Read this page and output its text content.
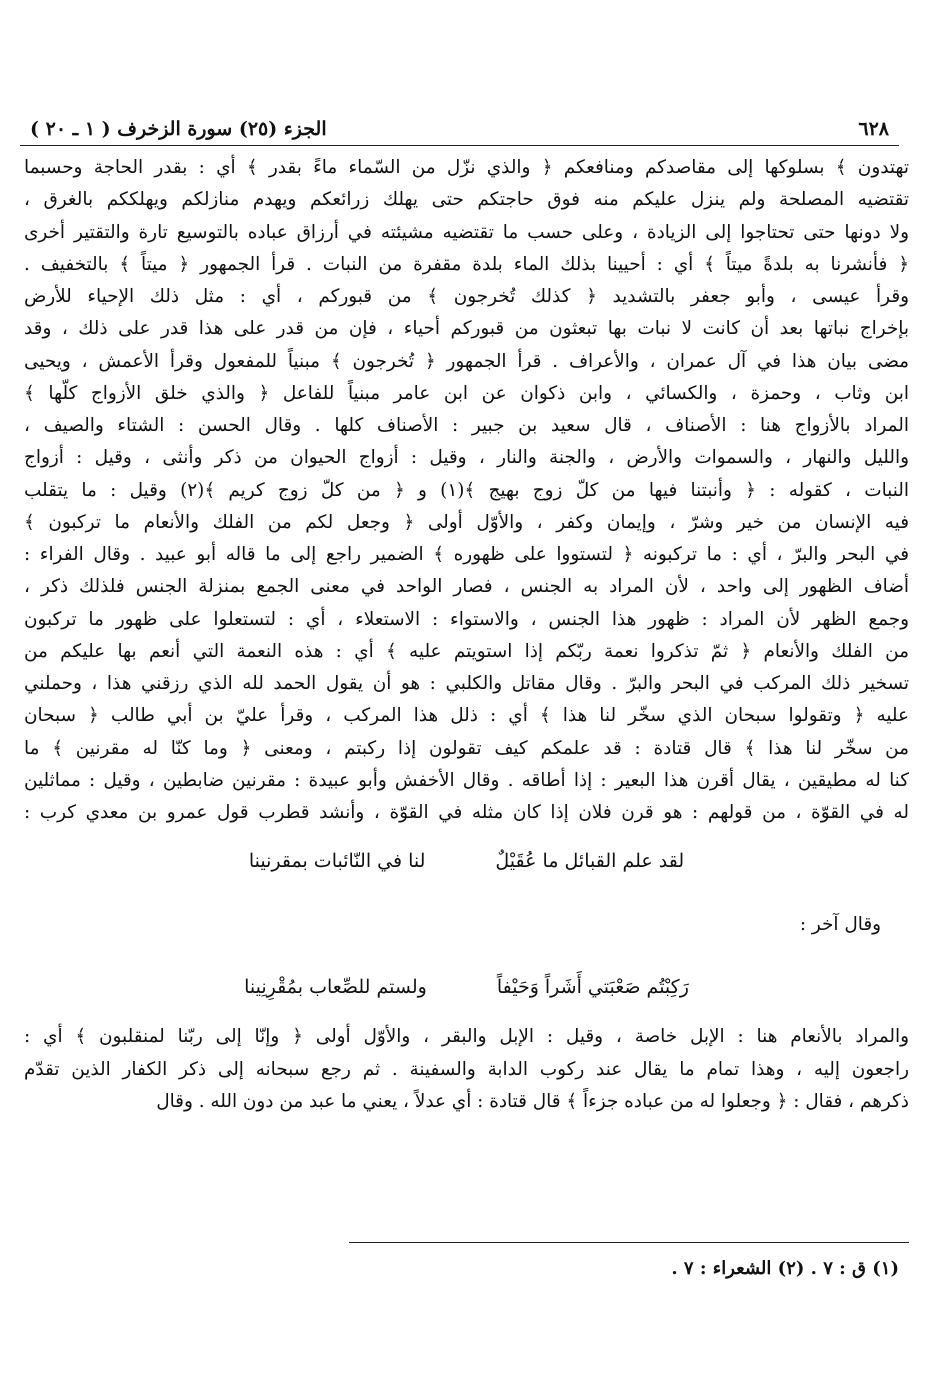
٦٢٨
الجزء (٢٥) سورة الزخرف ( ١ ـ ٢٠ )
تهتدون ﴾ بسلوكها إلى مقاصدكم ومنافعكم ﴿ والذي نزّل من السّماء ماءً بقدر ﴾ أي : بقدر الحاجة وحسبما
تقتضيه المصلحة ولم ينزل عليكم منه فوق حاجتكم حتى يهلك زرائعكم ويهدم منازلكم ويهلككم بالغرق ،
ولا دونها حتى تحتاجوا إلى الزيادة ، وعلى حسب ما تقتضيه مشيئته في أرزاق عباده بالتوسيع تارة والتقتير أخرى
﴿ فأنشرنا به بلدةً ميتاً ﴾ أي : أحيينا بذلك الماء بلدة مقفرة من النبات . قرأ الجمهور ﴿ ميتاً ﴾ بالتخفيف .
وقرأ عيسى ، وأبو جعفر بالتشديد ﴿ كذلك تُخرجون ﴾ من قبوركم ، أي : مثل ذلك الإحياء للأرض
بإخراج نباتها بعد أن كانت لا نبات بها تبعثون من قبوركم أحياء ، فإن من قدر على هذا قدر على ذلك ، وقد
مضى بيان هذا في آل عمران ، والأعراف . قرأ الجمهور ﴿ تُخرجون ﴾ مبنياً للمفعول وقرأ الأعمش ، ويحيى
ابن وثاب ، وحمزة ، والكسائي ، وابن ذكوان عن ابن عامر مبنياً للفاعل ﴿ والذي خلق الأزواج كلّها ﴾
المراد بالأزواج هنا : الأصناف ، قال سعيد بن جبير : الأصناف كلها . وقال الحسن : الشتاء والصيف ،
والليل والنهار ، والسموات والأرض ، والجنة والنار ، وقيل : أزواج الحيوان من ذكر وأنثى ، وقيل : أزواج
النبات ، كقوله : ﴿ وأنبتنا فيها من كلّ زوج بهيج ﴾(١) و ﴿ من كلّ زوج كريم ﴾(٢) وقيل : ما يتقلب
فيه الإنسان من خير وشرّ ، وإيمان وكفر ، والأوّل أولى ﴿ وجعل لكم من الفلك والأنعام ما تركبون ﴾
في البحر والبرّ ، أي : ما تركبونه ﴿ لتستووا على ظهوره ﴾ الضمير راجع إلى ما قاله أبو عبيد . وقال الفراء :
أضاف الظهور إلى واحد ، لأن المراد به الجنس ، فصار الواحد في معنى الجمع بمنزلة الجنس فلذلك ذكر ،
وجمع الظهر لأن المراد : ظهور هذا الجنس ، والاستواء : الاستعلاء ، أي : لتستعلوا على ظهور ما تركبون
من الفلك والأنعام ﴿ ثمّ تذكروا نعمة ربّكم إذا استويتم عليه ﴾ أي : هذه النعمة التي أنعم بها عليكم من
تسخير ذلك المركب في البحر والبرّ . وقال مقاتل والكلبي : هو أن يقول الحمد لله الذي رزقني هذا ، وحملني
عليه ﴿ وتقولوا سبحان الذي سخّر لنا هذا ﴾ أي : ذلل هذا المركب ، وقرأ عليّ بن أبي طالب ﴿ سبحان
من سخّر لنا هذا ﴾ قال قتادة : قد علمكم كيف تقولون إذا ركبتم ، ومعنى ﴿ وما كنّا له مقرنين ﴾ ما
كنا له مطيقين ، يقال أقرن هذا البعير : إذا أطاقه . وقال الأخفش وأبو عبيدة : مقرنين ضابطين ، وقيل : مماثلين
له في القوّة ، من قولهم : هو قرن فلان إذا كان مثله في القوّة ، وأنشد قطرب قول عمرو بن معدي كرب :
لقد علم القبائل ما عُقَيْلٌ
لنا في النّائبات بمقرنينا
وقال آخر :
رَكِبْتُم صَعْبَتي أَشَراً وَحَيْفاً
ولستم للصِّعاب بمُقْرِنِينا
والمراد بالأنعام هنا : الإبل خاصة ، وقيل : الإبل والبقر ، والأوّل أولى ﴿ وإنّا إلى ربّنا لمنقلبون ﴾ أي :
راجعون إليه ، وهذا تمام ما يقال عند ركوب الدابة والسفينة . ثم رجع سبحانه إلى ذكر الكفار الذين تقدّم
ذكرهم ، فقال : ﴿ وجعلوا له من عباده جزءاً ﴾ قال قتادة : أي عدلاً ، يعني ما عبد من دون الله . وقال
(١) ق : ٧ . (٢) الشعراء : ٧ .
